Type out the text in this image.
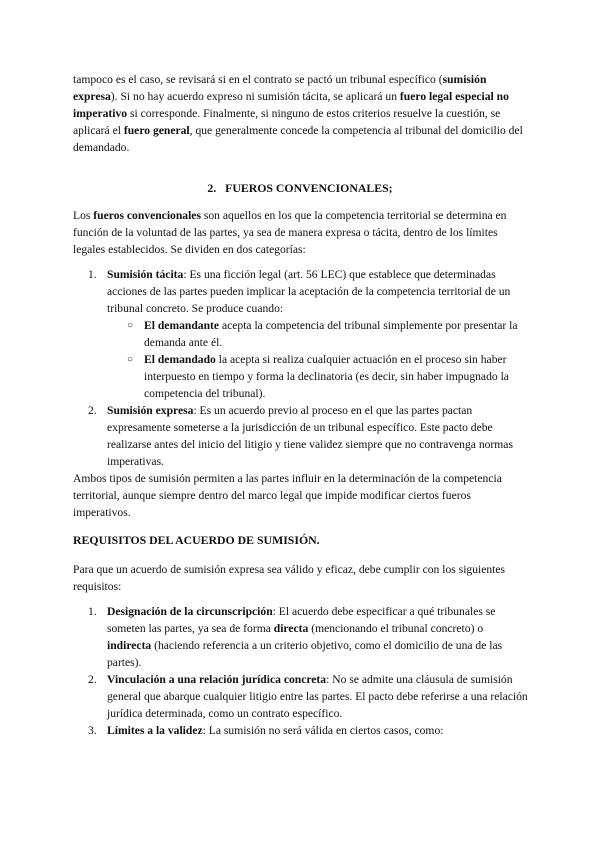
tampoco es el caso, se revisará si en el contrato se pactó un tribunal específico (sumisión expresa). Si no hay acuerdo expreso ni sumisión tácita, se aplicará un fuero legal especial no imperativo si corresponde. Finalmente, si ninguno de estos criterios resuelve la cuestión, se aplicará el fuero general, que generalmente concede la competencia al tribunal del domicilio del demandado.

2. FUEROS CONVENCIONALES;

Los fueros convencionales son aquellos en los que la competencia territorial se determina en función de la voluntad de las partes, ya sea de manera expresa o tácita, dentro de los límites legales establecidos. Se dividen en dos categorías:

1. Sumisión tácita: Es una ficción legal (art. 56 LEC) que establece que determinadas acciones de las partes pueden implicar la aceptación de la competencia territorial de un tribunal concreto. Se produce cuando:
○ El demandante acepta la competencia del tribunal simplemente por presentar la demanda ante él.
○ El demandado la acepta si realiza cualquier actuación en el proceso sin haber interpuesto en tiempo y forma la declinatoria (es decir, sin haber impugnado la competencia del tribunal).
2. Sumisión expresa: Es un acuerdo previo al proceso en el que las partes pactan expresamente someterse a la jurisdicción de un tribunal específico. Este pacto debe realizarse antes del inicio del litigio y tiene validez siempre que no contravenga normas imperativas.

Ambos tipos de sumisión permiten a las partes influir en la determinación de la competencia territorial, aunque siempre dentro del marco legal que impide modificar ciertos fueros imperativos.

REQUISITOS DEL ACUERDO DE SUMISIÓN.

Para que un acuerdo de sumisión expresa sea válido y eficaz, debe cumplir con los siguientes requisitos:

1. Designación de la circunscripción: El acuerdo debe especificar a qué tribunales se someten las partes, ya sea de forma directa (mencionando el tribunal concreto) o indirecta (haciendo referencia a un criterio objetivo, como el domicilio de una de las partes).
2. Vinculación a una relación jurídica concreta: No se admite una cláusula de sumisión general que abarque cualquier litigio entre las partes. El pacto debe referirse a una relación jurídica determinada, como un contrato específico.
3. Límites a la validez: La sumisión no será válida en ciertos casos, como:
